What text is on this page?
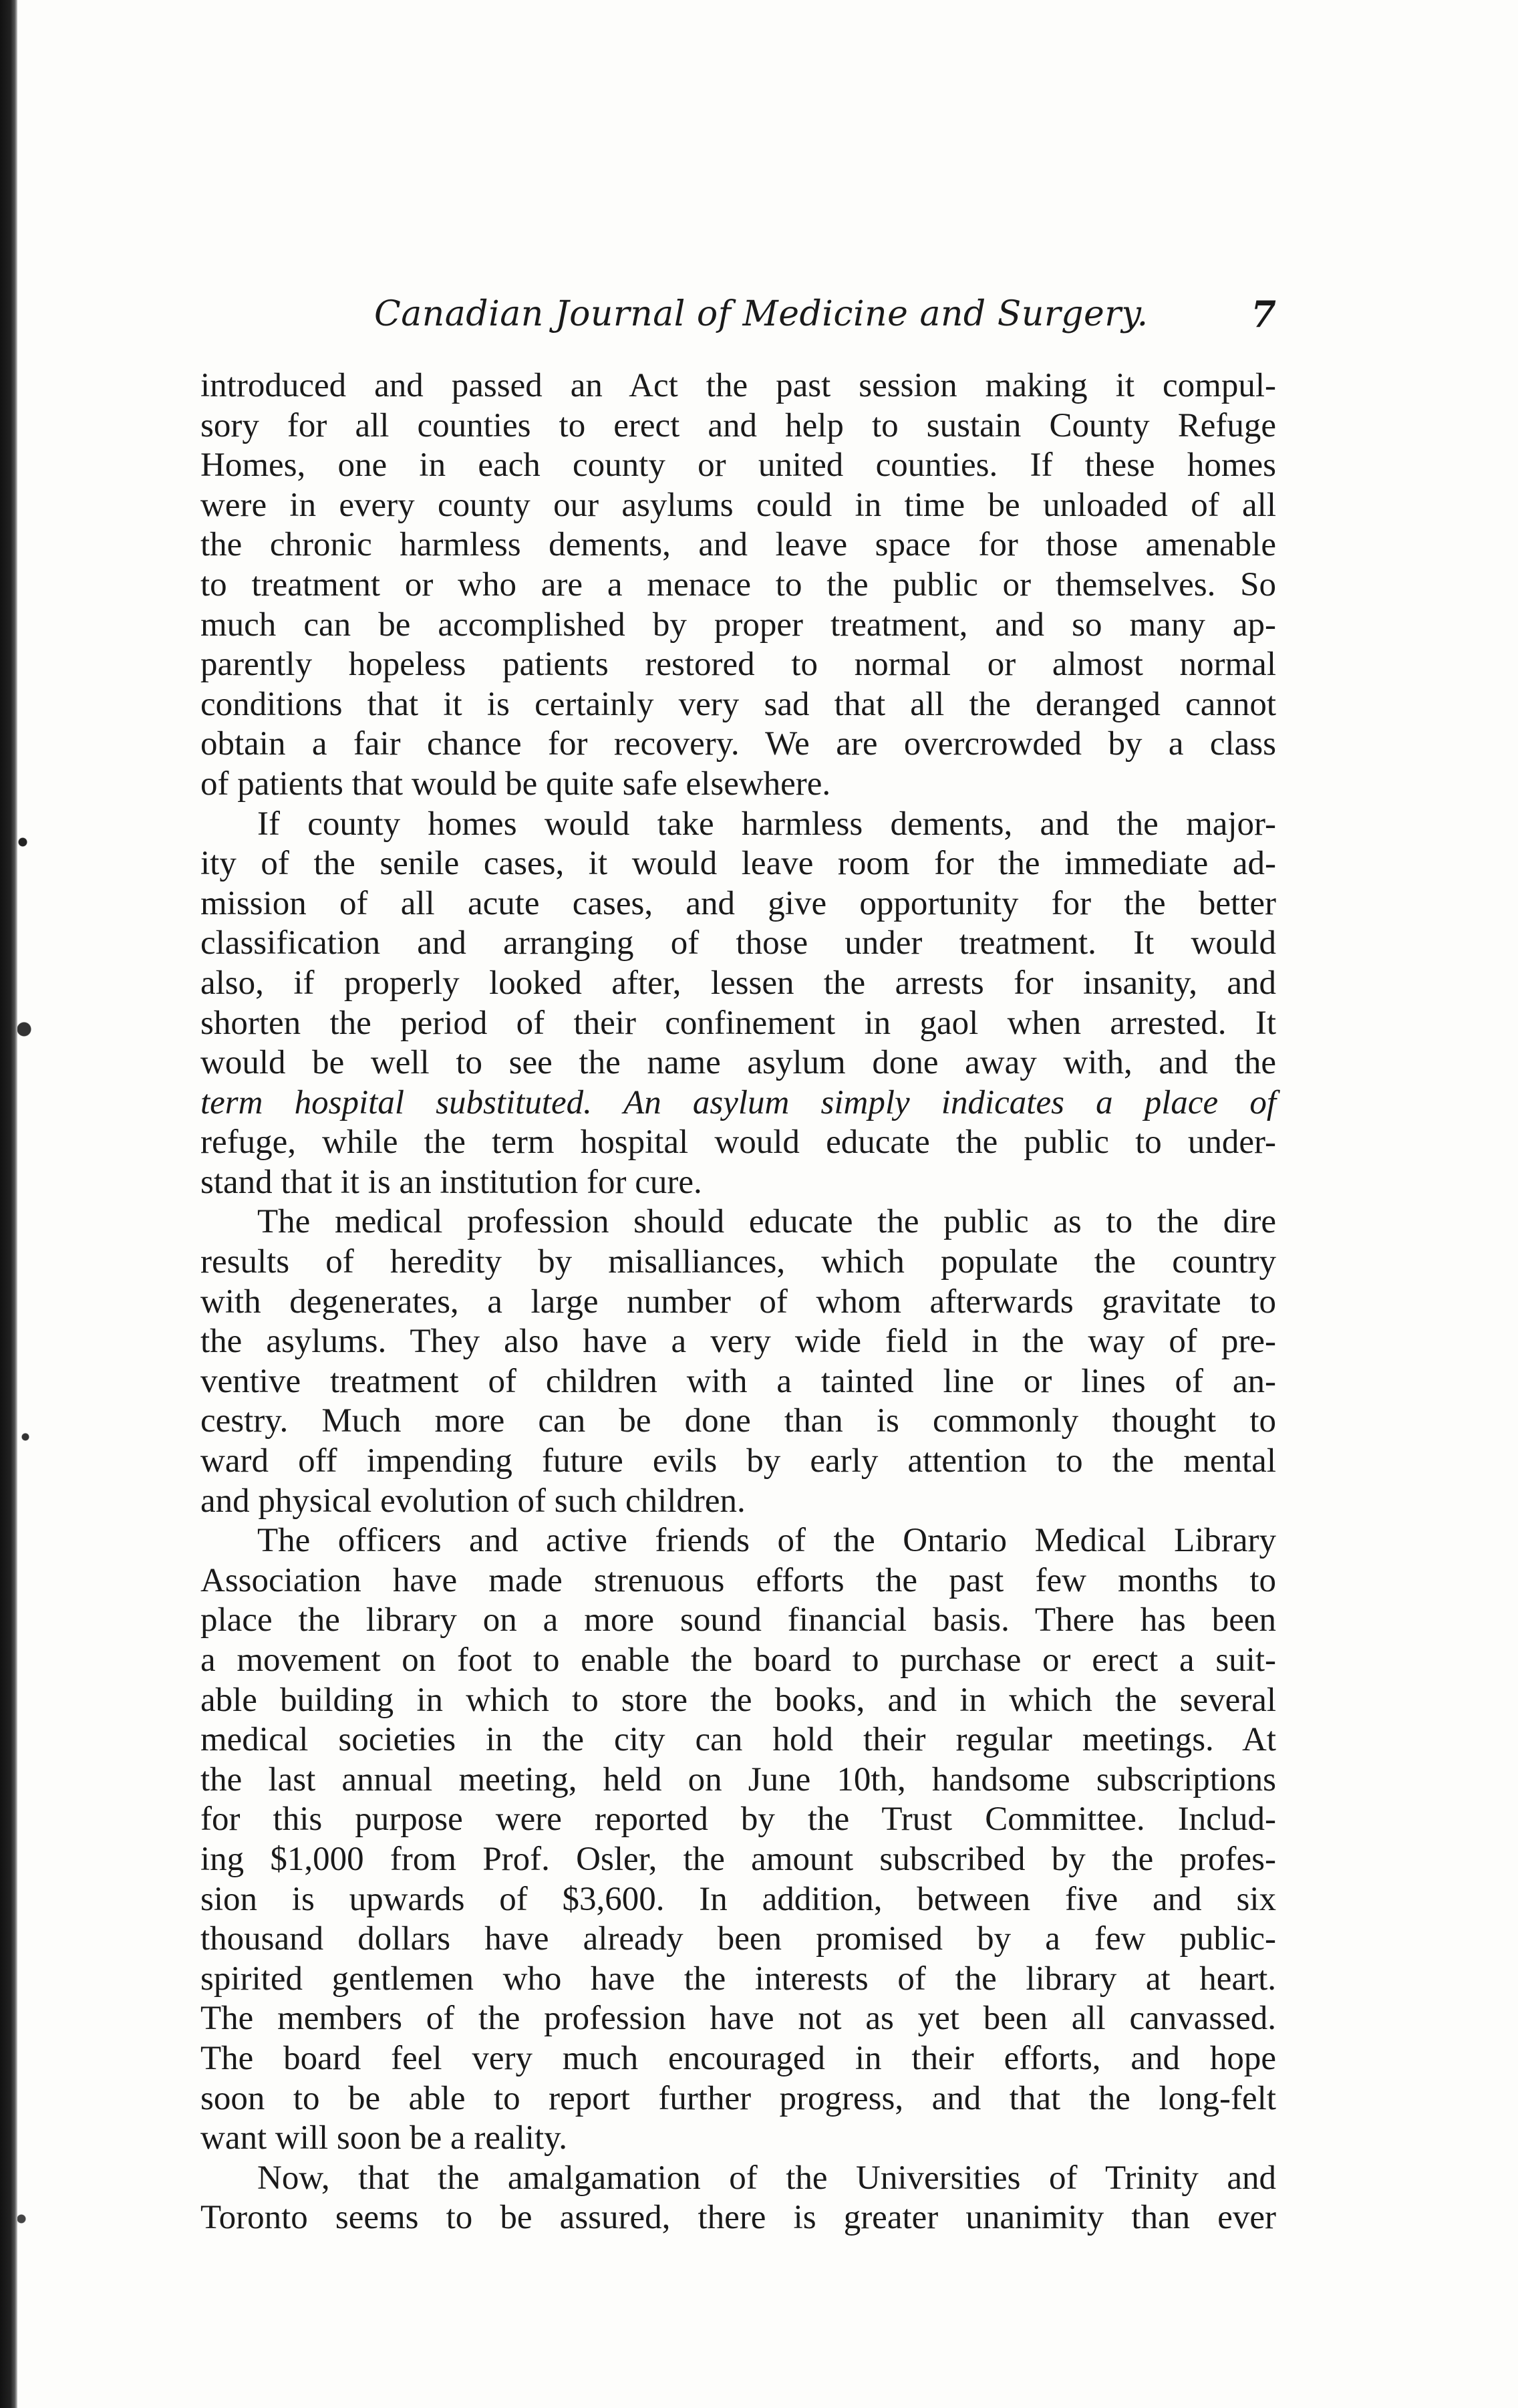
Canadian Journal of Medicine and Surgery.	7
introduced and passed an Act the past session making it compul-
sory for all counties to erect and help to sustain County Refuge
Homes, one in each county or united counties. If these homes
were in every county our asylums could in time be unloaded of all
the chronic harmless dements, and leave space for those amenable
to treatment or who are a menace to the public or themselves. So
much can be accomplished by proper treatment, and so many ap-
parently hopeless patients restored to normal or almost normal
conditions that it is certainly very sad that all the deranged cannot
obtain a fair chance for recovery. We are overcrowded by a class
of patients that would be quite safe elsewhere.
If county homes would take harmless dements, and the major-
ity of the senile cases, it would leave room for the immediate ad-
mission of all acute cases, and give opportunity for the better
classification and arranging of those under treatment. It would
also, if properly looked after, lessen the arrests for insanity, and
shorten the period of their confinement in gaol when arrested. It
would be well to see the name asylum done away with, and the
term hospital substituted. An asylum simply indicates a place of
refuge, while the term hospital would educate the public to under-
stand that it is an institution for cure.
The medical profession should educate the public as to the dire
results of heredity by misalliances, which populate the country
with degenerates, a large number of whom afterwards gravitate to
the asylums. They also have a very wide field in the way of pre-
ventive treatment of children with a tainted line or lines of an-
cestry. Much more can be done than is commonly thought to
ward off impending future evils by early attention to the mental
and physical evolution of such children.
The officers and active friends of the Ontario Medical Library
Association have made strenuous efforts the past few months to
place the library on a more sound financial basis. There has been
a movement on foot to enable the board to purchase or erect a suit-
able building in which to store the books, and in which the several
medical societies in the city can hold their regular meetings. At
the last annual meeting, held on June 10th, handsome subscriptions
for this purpose were reported by the Trust Committee. Includ-
ing $1,000 from Prof. Osler, the amount subscribed by the profes-
sion is upwards of $3,600. In addition, between five and six
thousand dollars have already been promised by a few public-
spirited gentlemen who have the interests of the library at heart.
The members of the profession have not as yet been all canvassed.
The board feel very much encouraged in their efforts, and hope
soon to be able to report further progress, and that the long-felt
want will soon be a reality.
Now, that the amalgamation of the Universities of Trinity and
Toronto seems to be assured, there is greater unanimity than ever
